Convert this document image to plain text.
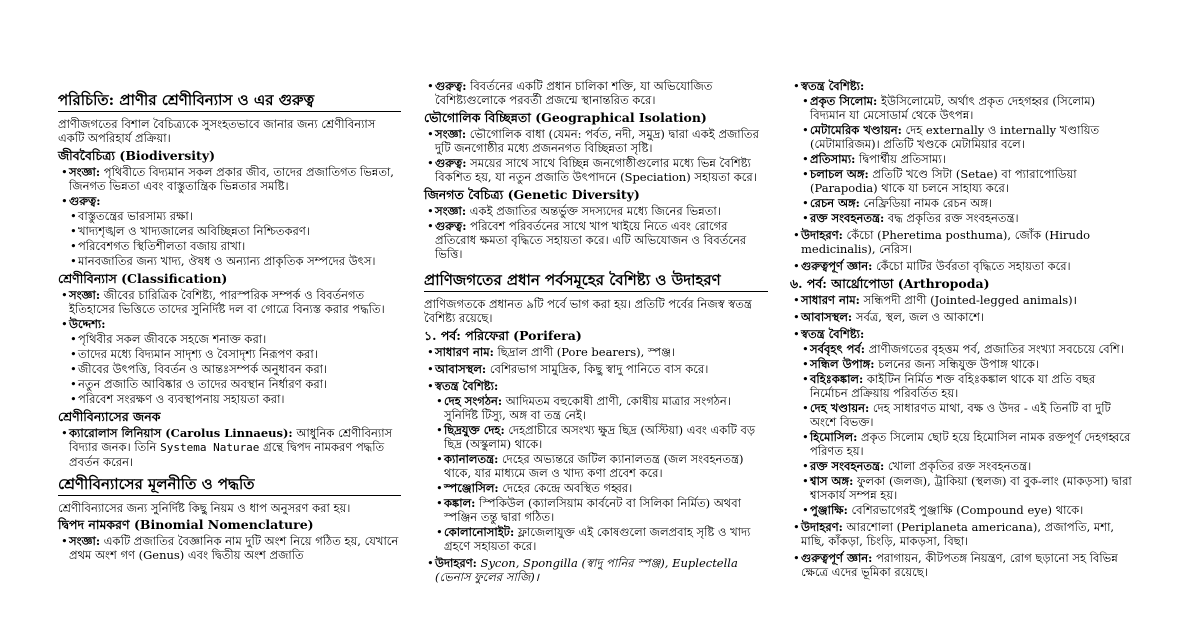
পরিচিতি: প্রাণীর শ্রেণীবিন্যাস ও এর গুরুত্ব

প্রাণীজগতের বিশাল বৈচিত্র্যকে সুসংহতভাবে জানার জন্য শ্রেণীবিন্যাস একটি অপরিহার্য প্রক্রিয়া।

জীববৈচিত্র্য (Biodiversity)
• সংজ্ঞা: পৃথিবীতে বিদ্যমান সকল প্রকার জীব, তাদের প্রজাতিগত ভিন্নতা, জিনগত ভিন্নতা এবং বাস্তুতান্ত্রিক ভিন্নতার সমষ্টি।
• গুরুত্ব:
• বাস্তুতন্ত্রের ভারসাম্য রক্ষা।
• খাদ্যশৃঙ্খল ও খাদ্যজালের অবিচ্ছিন্নতা নিশ্চিতকরণ।
• পরিবেশগত স্থিতিশীলতা বজায় রাখা।
• মানবজাতির জন্য খাদ্য, ঔষধ ও অন্যান্য প্রাকৃতিক সম্পদের উৎস।
শ্রেণীবিন্যাস (Classification)
• সংজ্ঞা: জীবের চারিত্রিক বৈশিষ্ট্য, পারস্পরিক সম্পর্ক ও বিবর্তনগত ইতিহাসের ভিত্তিতে তাদের সুনির্দিষ্ট দল বা গোত্রে বিন্যস্ত করার পদ্ধতি।
• উদ্দেশ্য:
• পৃথিবীর সকল জীবকে সহজে শনাক্ত করা।
• তাদের মধ্যে বিদ্যমান সাদৃশ্য ও বৈসাদৃশ্য নিরূপণ করা।
• জীবের উৎপত্তি, বিবর্তন ও আন্তঃসম্পর্ক অনুধাবন করা।
• নতুন প্রজাতি আবিষ্কার ও তাদের অবস্থান নির্ধারণ করা।
• পরিবেশ সংরক্ষণ ও ব্যবস্থাপনায় সহায়তা করা।
শ্রেণীবিন্যাসের জনক
• ক্যারোলাস লিনিয়াস (Carolus Linnaeus): আধুনিক শ্রেণীবিন্যাস বিদ্যার জনক। তিনি Systema Naturae গ্রন্থে দ্বিপদ নামকরণ পদ্ধতি প্রবর্তন করেন।
শ্রেণীবিন্যাসের মূলনীতি ও পদ্ধতি

শ্রেণীবিন্যাসের জন্য সুনির্দিষ্ট কিছু নিয়ম ও ধাপ অনুসরণ করা হয়।

দ্বিপদ নামকরণ (Binomial Nomenclature)
• সংজ্ঞা: একটি প্রজাতির বৈজ্ঞানিক নাম দুটি অংশ নিয়ে গঠিত হয়, যেখানে প্রথম অংশ গণ (Genus) এবং দ্বিতীয় অংশ প্রজাতি
• গুরুত্ব: বিবর্তনের একটি প্রধান চালিকা শক্তি, যা অভিযোজিত বৈশিষ্ট্যগুলোকে পরবর্তী প্রজন্মে স্থানান্তরিত করে।
ভৌগোলিক বিচ্ছিন্নতা (Geographical Isolation)
• সংজ্ঞা: ভৌগোলিক বাধা (যেমন: পর্বত, নদী, সমুদ্র) দ্বারা একই প্রজাতির দুটি জনগোষ্ঠীর মধ্যে প্রজননগত বিচ্ছিন্নতা সৃষ্টি।
• গুরুত্ব: সময়ের সাথে সাথে বিচ্ছিন্ন জনগোষ্ঠীগুলোর মধ্যে ভিন্ন বৈশিষ্ট্য বিকশিত হয়, যা নতুন প্রজাতি উৎপাদনে (Speciation) সহায়তা করে।
জিনগত বৈচিত্র্য (Genetic Diversity)
• সংজ্ঞা: একই প্রজাতির অন্তর্ভুক্ত সদস্যদের মধ্যে জিনের ভিন্নতা।
• গুরুত্ব: পরিবেশ পরিবর্তনের সাথে খাপ খাইয়ে নিতে এবং রোগের প্রতিরোধ ক্ষমতা বৃদ্ধিতে সহায়তা করে। এটি অভিযোজন ও বিবর্তনের ভিত্তি।
প্রাণিজগতের প্রধান পর্বসমূহের বৈশিষ্ট্য ও উদাহরণ

প্রাণিজগতকে প্রধানত ৯টি পর্বে ভাগ করা হয়। প্রতিটি পর্বের নিজস্ব স্বতন্ত্র বৈশিষ্ট্য রয়েছে।

১. পর্ব: পরিফেরা (Porifera)
• সাধারণ নাম: ছিদ্রাল প্রাণী (Pore bearers), স্পঞ্জ।
• আবাসস্থল: বেশিরভাগ সামুদ্রিক, কিছু স্বাদু পানিতে বাস করে।
• স্বতন্ত্র বৈশিষ্ট্য:
• দেহ সংগঠন: আদিমতম বহুকোষী প্রাণী, কোষীয় মাত্রার সংগঠন। সুনির্দিষ্ট টিস্যু, অঙ্গ বা তন্ত্র নেই।
• ছিদ্রযুক্ত দেহ: দেহপ্রাচীরে অসংখ্য ক্ষুদ্র ছিদ্র (অস্টিয়া) এবং একটি বড় ছিদ্র (অস্কুলাম) থাকে।
• ক্যানালতন্ত্র: দেহের অভ্যন্তরে জটিল ক্যানালতন্ত্র (জল সংবহনতন্ত্র) থাকে, যার মাধ্যমে জল ও খাদ্য কণা প্রবেশ করে।
• স্পঞ্জোসিল: দেহের কেন্দ্রে অবস্থিত গহ্বর।
• কঙ্কাল: স্পিকিউল (ক্যালসিয়াম কার্বনেট বা সিলিকা নির্মিত) অথবা স্পঞ্জিন তন্তু দ্বারা গঠিত।
• কোলানোসাইট: ফ্লাজেলাযুক্ত এই কোষগুলো জলপ্রবাহ সৃষ্টি ও খাদ্য গ্রহণে সহায়তা করে।
• উদাহরণ: Sycon, Spongilla (স্বাদু পানির স্পঞ্জ), Euplectella (ভেনাস ফুলের সাজি)।
• স্বতন্ত্র বৈশিষ্ট্য:
• প্রকৃত সিলোম: ইউসিলোমেট, অর্থাৎ প্রকৃত দেহগহ্বর (সিলোম) বিদ্যমান যা মেসোডার্ম থেকে উৎপন্ন।
• মেটামেরিক খণ্ডায়ন: দেহ externally ও internally খণ্ডায়িত (মেটামারিজম)। প্রতিটি খণ্ডকে মেটামিয়ার বলে।
• প্রতিসাম্য: দ্বিপার্শ্বীয় প্রতিসাম্য।
• চলাচল অঙ্গ: প্রতিটি খণ্ডে সিটা (Setae) বা প্যারাপোডিয়া (Parapodia) থাকে যা চলনে সাহায্য করে।
• রেচন অঙ্গ: নেফ্রিডিয়া নামক রেচন অঙ্গ।
• রক্ত সংবহনতন্ত্র: বদ্ধ প্রকৃতির রক্ত সংবহনতন্ত্র।
• উদাহরণ: কেঁচো (Pheretima posthuma), জোঁক (Hirudo medicinalis), নেরিস।
• গুরুত্বপূর্ণ জ্ঞান: কেঁচো মাটির উর্বরতা বৃদ্ধিতে সহায়তা করে।
৬. পর্ব: আর্থ্রোপোডা (Arthropoda)
• সাধারণ নাম: সন্ধিপদী প্রাণী (Jointed-legged animals)।
• আবাসস্থল: সর্বত্র, স্থল, জল ও আকাশে।
• স্বতন্ত্র বৈশিষ্ট্য:
• সর্ববৃহৎ পর্ব: প্রাণীজগতের বৃহত্তম পর্ব, প্রজাতির সংখ্যা সবচেয়ে বেশি।
• সন্ধিল উপাঙ্গ: চলনের জন্য সন্ধিযুক্ত উপাঙ্গ থাকে।
• বহিঃকঙ্কাল: কাইটিন নির্মিত শক্ত বহিঃকঙ্কাল থাকে যা প্রতি বছর নির্মোচন প্রক্রিয়ায় পরিবর্তিত হয়।
• দেহ খণ্ডায়ন: দেহ সাধারণত মাথা, বক্ষ ও উদর - এই তিনটি বা দুটি অংশে বিভক্ত।
• হিমোসিল: প্রকৃত সিলোম ছোট হয়ে হিমোসিল নামক রক্তপূর্ণ দেহগহ্বরে পরিণত হয়।
• রক্ত সংবহনতন্ত্র: খোলা প্রকৃতির রক্ত সংবহনতন্ত্র।
• শ্বাস অঙ্গ: ফুলকা (জলজ), ট্রাকিয়া (স্থলজ) বা বুক-লাং (মাকড়সা) দ্বারা শ্বাসকার্য সম্পন্ন হয়।
• পুঞ্জাক্ষি: বেশিরভাগেরই পুঞ্জাক্ষি (Compound eye) থাকে।
• উদাহরণ: আরশোলা (Periplaneta americana), প্রজাপতি, মশা, মাছি, কাঁকড়া, চিংড়ি, মাকড়সা, বিছা।
• গুরুত্বপূর্ণ জ্ঞান: পরাগায়ন, কীটপতঙ্গ নিয়ন্ত্রণ, রোগ ছড়ানো সহ বিভিন্ন ক্ষেত্রে এদের ভূমিকা রয়েছে।
